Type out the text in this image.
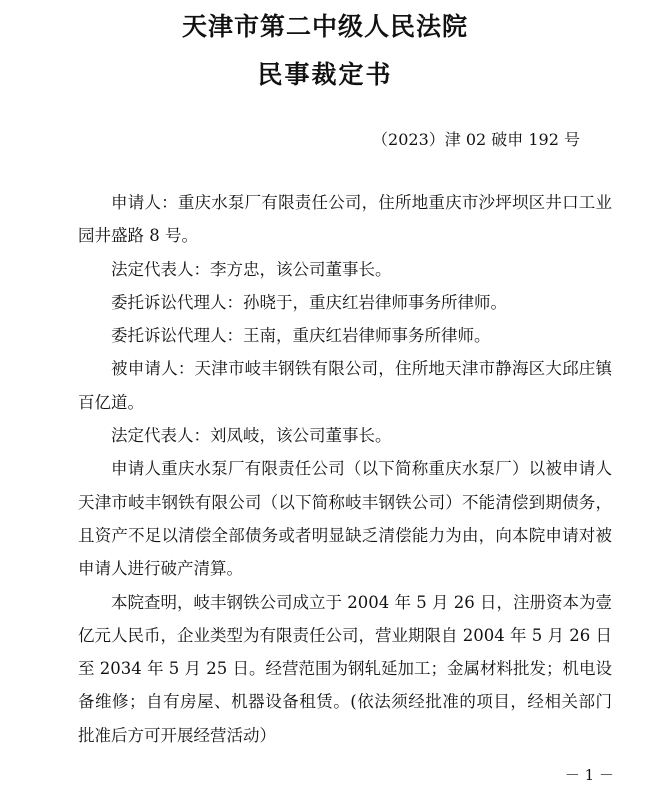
天津市第二中级人民法院
民事裁定书
（2023）津 02 破申 192 号

申请人：重庆水泵厂有限责任公司，住所地重庆市沙坪坝区井口工业园井盛路 8 号。

法定代表人：李方忠，该公司董事长。

委托诉讼代理人：孙晓于，重庆红岩律师事务所律师。

委托诉讼代理人：王南，重庆红岩律师事务所律师。

被申请人：天津市岐丰钢铁有限公司，住所地天津市静海区大邱庄镇百亿道。

法定代表人：刘凤岐，该公司董事长。

申请人重庆水泵厂有限责任公司（以下简称重庆水泵厂）以被申请人天津市岐丰钢铁有限公司（以下简称岐丰钢铁公司）不能清偿到期债务，且资产不足以清偿全部债务或者明显缺乏清偿能力为由，向本院申请对被申请人进行破产清算。

本院查明，岐丰钢铁公司成立于 2004 年 5 月 26 日，注册资本为壹亿元人民币，企业类型为有限责任公司，营业期限自 2004 年 5 月 26 日至 2034 年 5 月 25 日。经营范围为钢轧延加工；金属材料批发；机电设备维修；自有房屋、机器设备租赁。(依法须经批准的项目，经相关部门批准后方可开展经营活动）

－ 1 －
